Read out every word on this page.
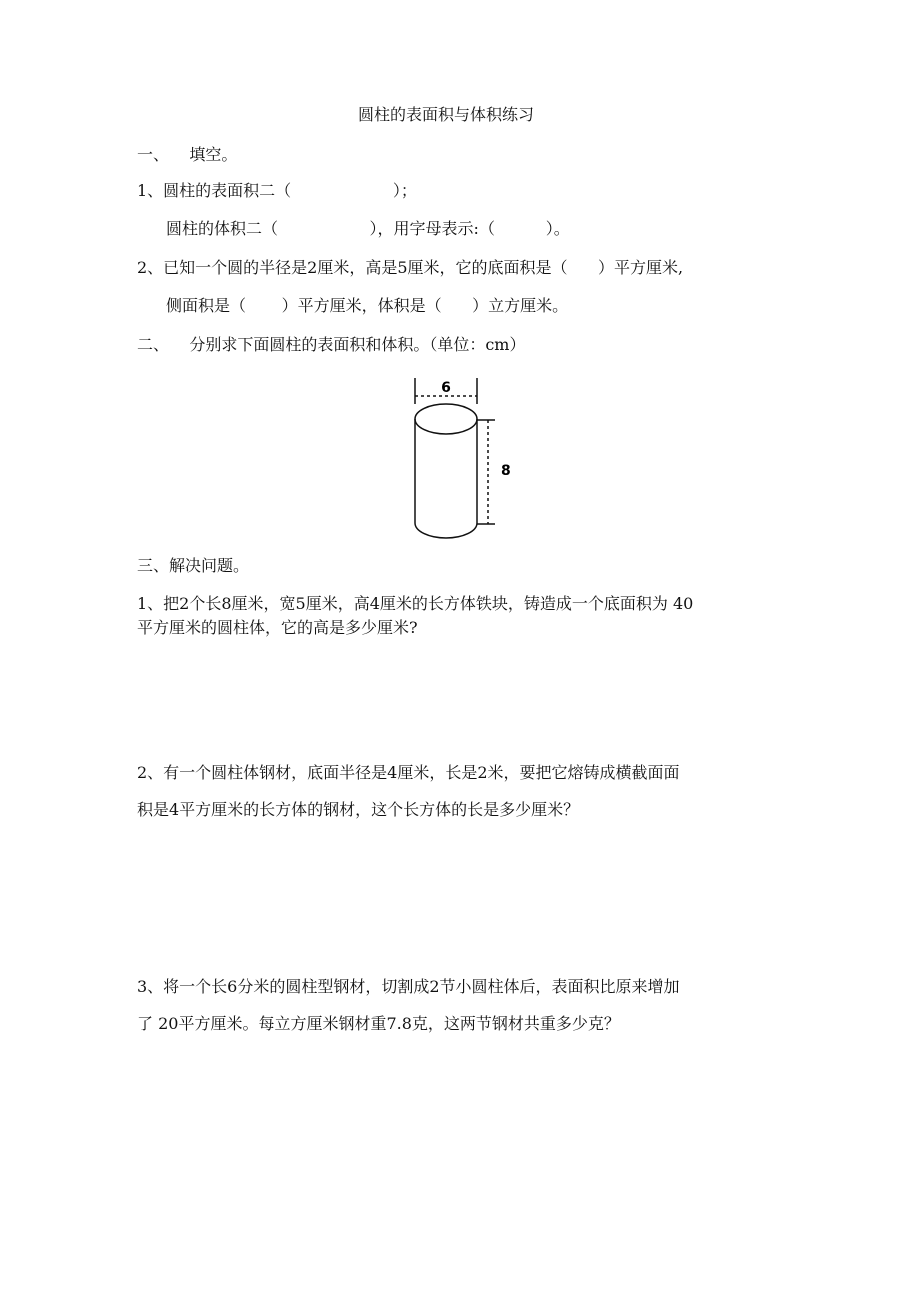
圆柱的表面积与体积练习
一、    填空。
1、圆柱的表面积二（                    ）；
圆柱的体积二（                  ），用字母表示:（          ）。
2、已知一个圆的半径是2厘米，高是5厘米，它的底面积是（      ）平方厘米,
侧面积是（       ）平方厘米，体积是（      ）立方厘米。
二、    分别求下面圆柱的表面积和体积。（单位：cm）
6
8
三、解决问题。
1、把2个长8厘米，宽5厘米，高4厘米的长方体铁块，铸造成一个底面积为 40
平方厘米的圆柱体，它的高是多少厘米?
2、有一个圆柱体钢材，底面半径是4厘米，长是2米，要把它熔铸成横截面面
积是4平方厘米的长方体的钢材，这个长方体的长是多少厘米？
3、将一个长6分米的圆柱型钢材，切割成2节小圆柱体后，表面积比原来增加
了 20平方厘米。每立方厘米钢材重7.8克，这两节钢材共重多少克？
